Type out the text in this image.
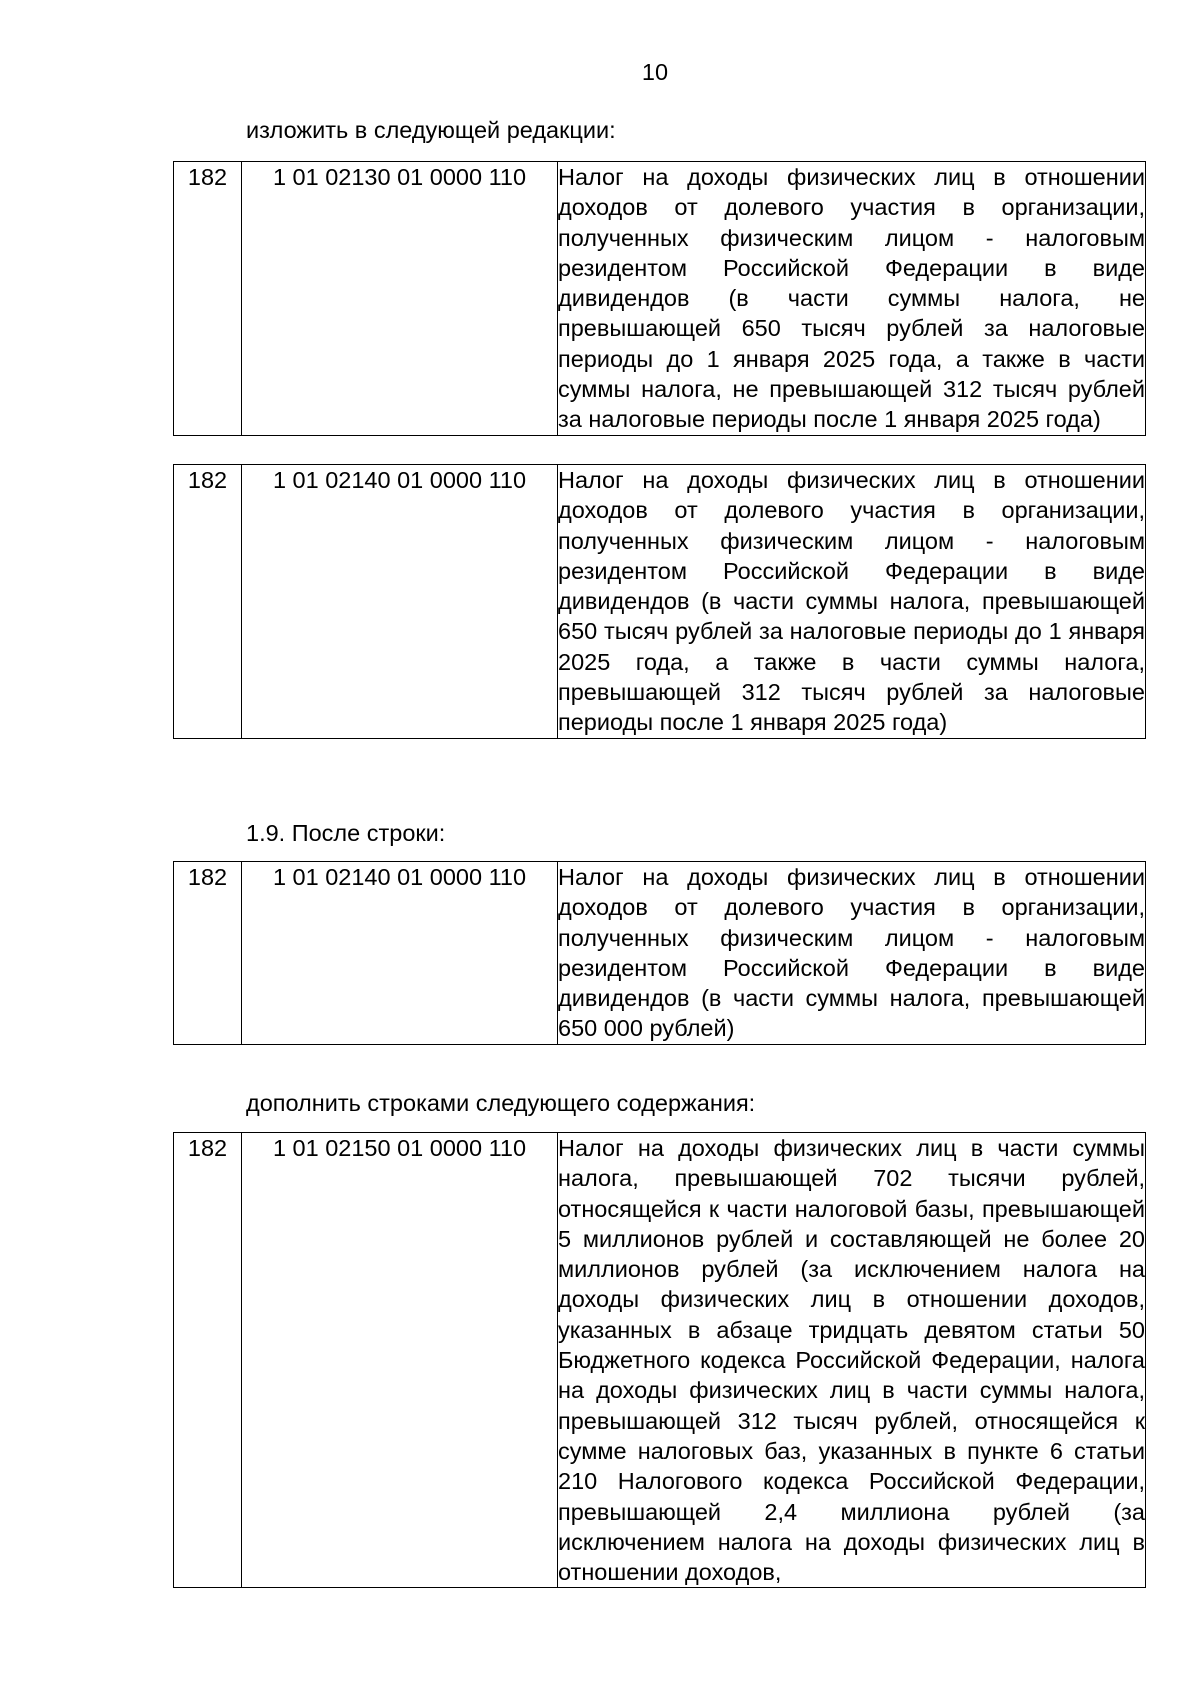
10
изложить в следующей редакции:
182	1 01 02130 01 0000 110	Налог на доходы физических лиц в отношении доходов от долевого участия в организации, полученных физическим лицом - налоговым резидентом Российской Федерации в виде дивидендов (в части суммы налога, не превышающей 650 тысяч рублей за налоговые периоды до 1 января 2025 года, а также в части суммы налога, не превышающей 312 тысяч рублей за налоговые периоды после 1 января 2025 года)
182	1 01 02140 01 0000 110	Налог на доходы физических лиц в отношении доходов от долевого участия в организации, полученных физическим лицом - налоговым резидентом Российской Федерации в виде дивидендов (в части суммы налога, превышающей 650 тысяч рублей за налоговые периоды до 1 января 2025 года, а также в части суммы налога, превышающей 312 тысяч рублей за налоговые периоды после 1 января 2025 года)
1.9. После строки:
182	1 01 02140 01 0000 110	Налог на доходы физических лиц в отношении доходов от долевого участия в организации, полученных физическим лицом - налоговым резидентом Российской Федерации в виде дивидендов (в части суммы налога, превышающей 650 000 рублей)
дополнить строками следующего содержания:
182	1 01 02150 01 0000 110	Налог на доходы физических лиц в части суммы налога, превышающей 702 тысячи рублей, относящейся к части налоговой базы, превышающей 5 миллионов рублей и составляющей не более 20 миллионов рублей (за исключением налога на доходы физических лиц в отношении доходов, указанных в абзаце тридцать девятом статьи 50 Бюджетного кодекса Российской Федерации, налога на доходы физических лиц в части суммы налога, превышающей 312 тысяч рублей, относящейся к сумме налоговых баз, указанных в пункте 6 статьи 210 Налогового кодекса Российской Федерации, превышающей 2,4 миллиона рублей (за исключением налога на доходы физических лиц в отношении доходов,
